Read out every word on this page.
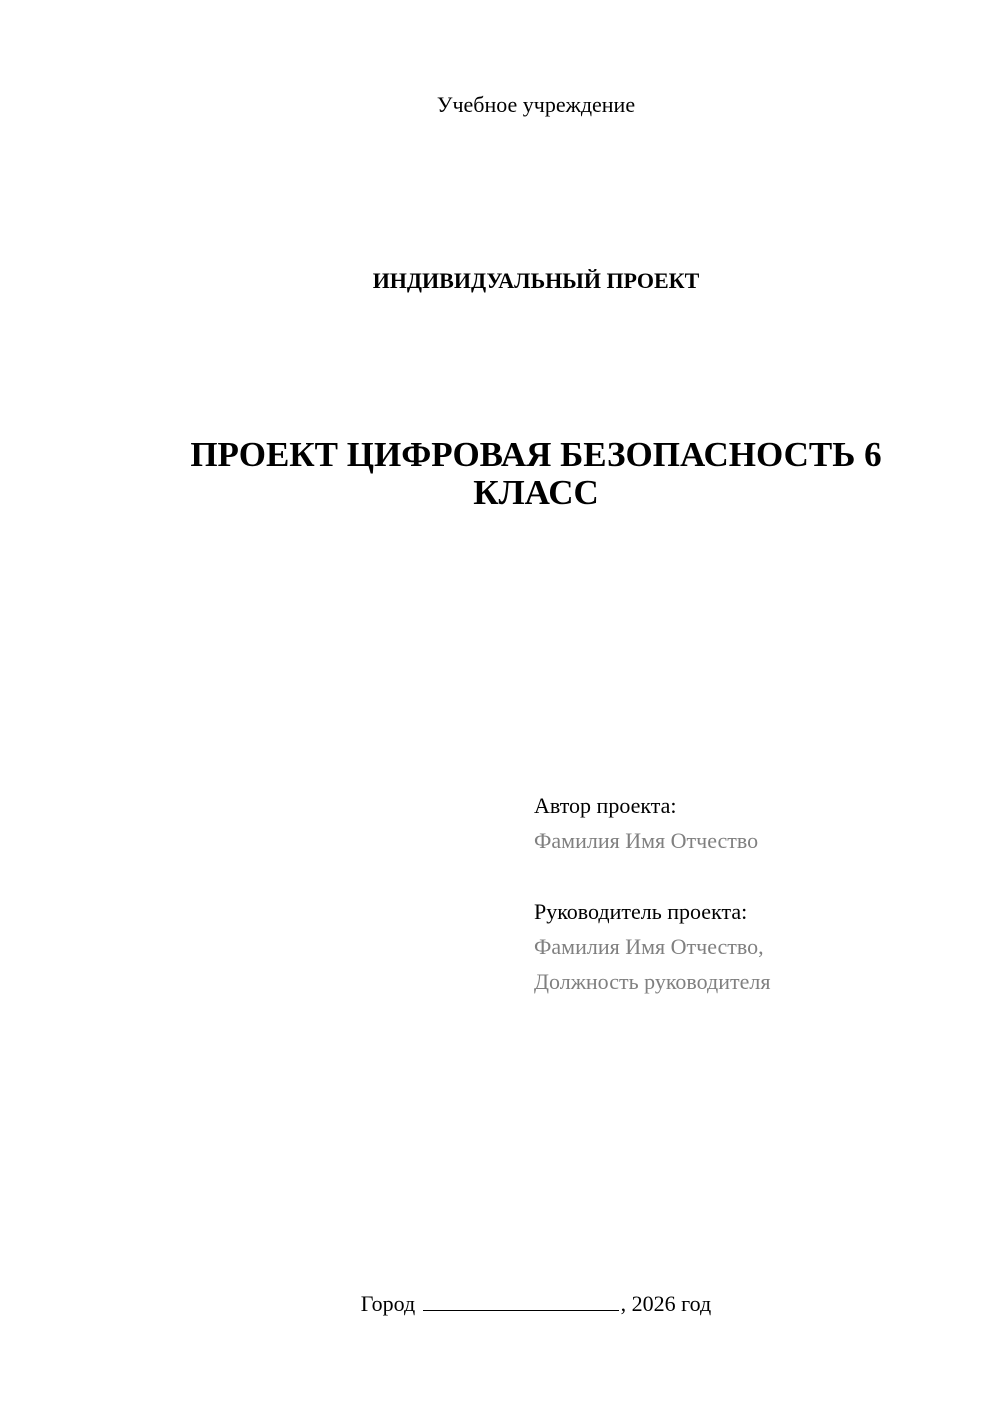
Учебное учреждение
ИНДИВИДУАЛЬНЫЙ ПРОЕКТ
ПРОЕКТ ЦИФРОВАЯ БЕЗОПАСНОСТЬ 6 КЛАСС
Автор проекта:
Фамилия Имя Отчество
Руководитель проекта:
Фамилия Имя Отчество,
Должность руководителя
Город	, 2026 год
